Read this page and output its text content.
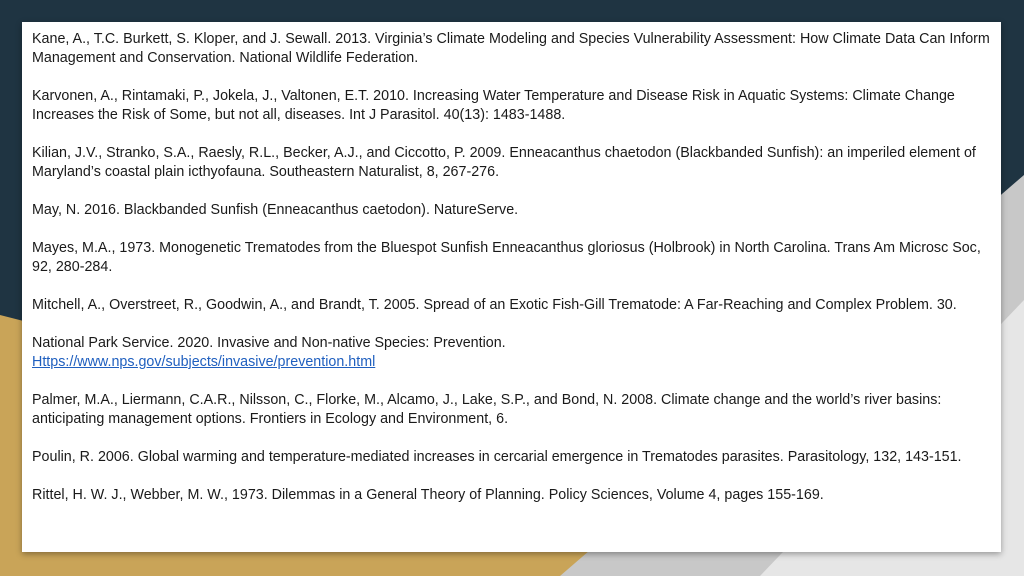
Kane, A., T.C. Burkett, S. Kloper, and J. Sewall. 2013. Virginia’s Climate Modeling and Species Vulnerability Assessment: How Climate Data Can Inform Management and Conservation. National Wildlife Federation.

Karvonen, A., Rintamaki, P., Jokela, J., Valtonen, E.T. 2010. Increasing Water Temperature and Disease Risk in Aquatic Systems: Climate Change Increases the Risk of Some, but not all, diseases. Int J Parasitol. 40(13): 1483-1488.

Kilian, J.V., Stranko, S.A., Raesly, R.L., Becker, A.J., and Ciccotto, P. 2009. Enneacanthus chaetodon (Blackbanded Sunfish): an imperiled element of Maryland’s coastal plain icthyofauna. Southeastern Naturalist, 8, 267-276.

May, N. 2016. Blackbanded Sunfish (Enneacanthus caetodon). NatureServe.

Mayes, M.A., 1973. Monogenetic Trematodes from the Bluespot Sunfish Enneacanthus gloriosus (Holbrook) in North Carolina. Trans Am Microsc Soc, 92, 280-284.

Mitchell, A., Overstreet, R., Goodwin, A., and Brandt, T. 2005. Spread of an Exotic Fish-Gill Trematode: A Far-Reaching and Complex Problem. 30.

National Park Service. 2020. Invasive and Non-native Species: Prevention.
Https://www.nps.gov/subjects/invasive/prevention.html

Palmer, M.A., Liermann, C.A.R., Nilsson, C., Florke, M., Alcamo, J., Lake, S.P., and Bond, N. 2008. Climate change and the world’s river basins: anticipating management options. Frontiers in Ecology and Environment, 6.

Poulin, R. 2006. Global warming and temperature-mediated increases in cercarial emergence in Trematodes parasites. Parasitology, 132, 143-151.

Rittel, H. W. J., Webber, M. W., 1973. Dilemmas in a General Theory of Planning. Policy Sciences, Volume 4, pages 155-169.
